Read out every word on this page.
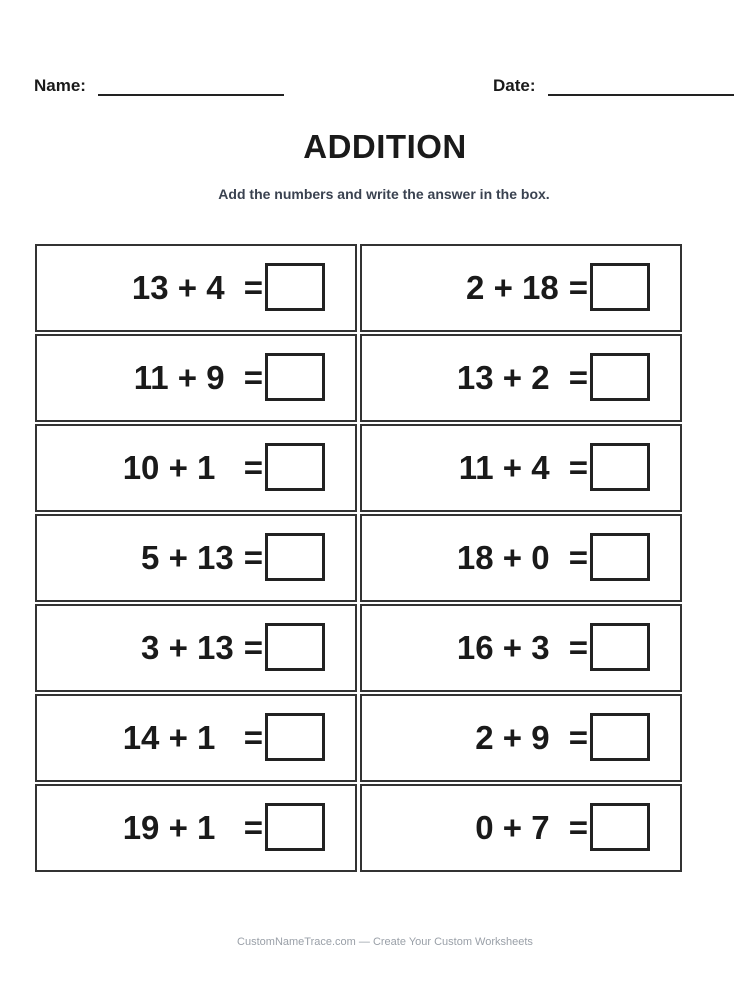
Name:	Date:
ADDITION
Add the numbers and write the answer in the box.
13 + 4 =	2 + 18 =
11 + 9 =	13 + 2 =
10 + 1 =	11 + 4 =
5 + 13 =	18 + 0 =
3 + 13 =	16 + 3 =
14 + 1 =	2 + 9 =
19 + 1 =	0 + 7 =
CustomNameTrace.com — Create Your Custom Worksheets
